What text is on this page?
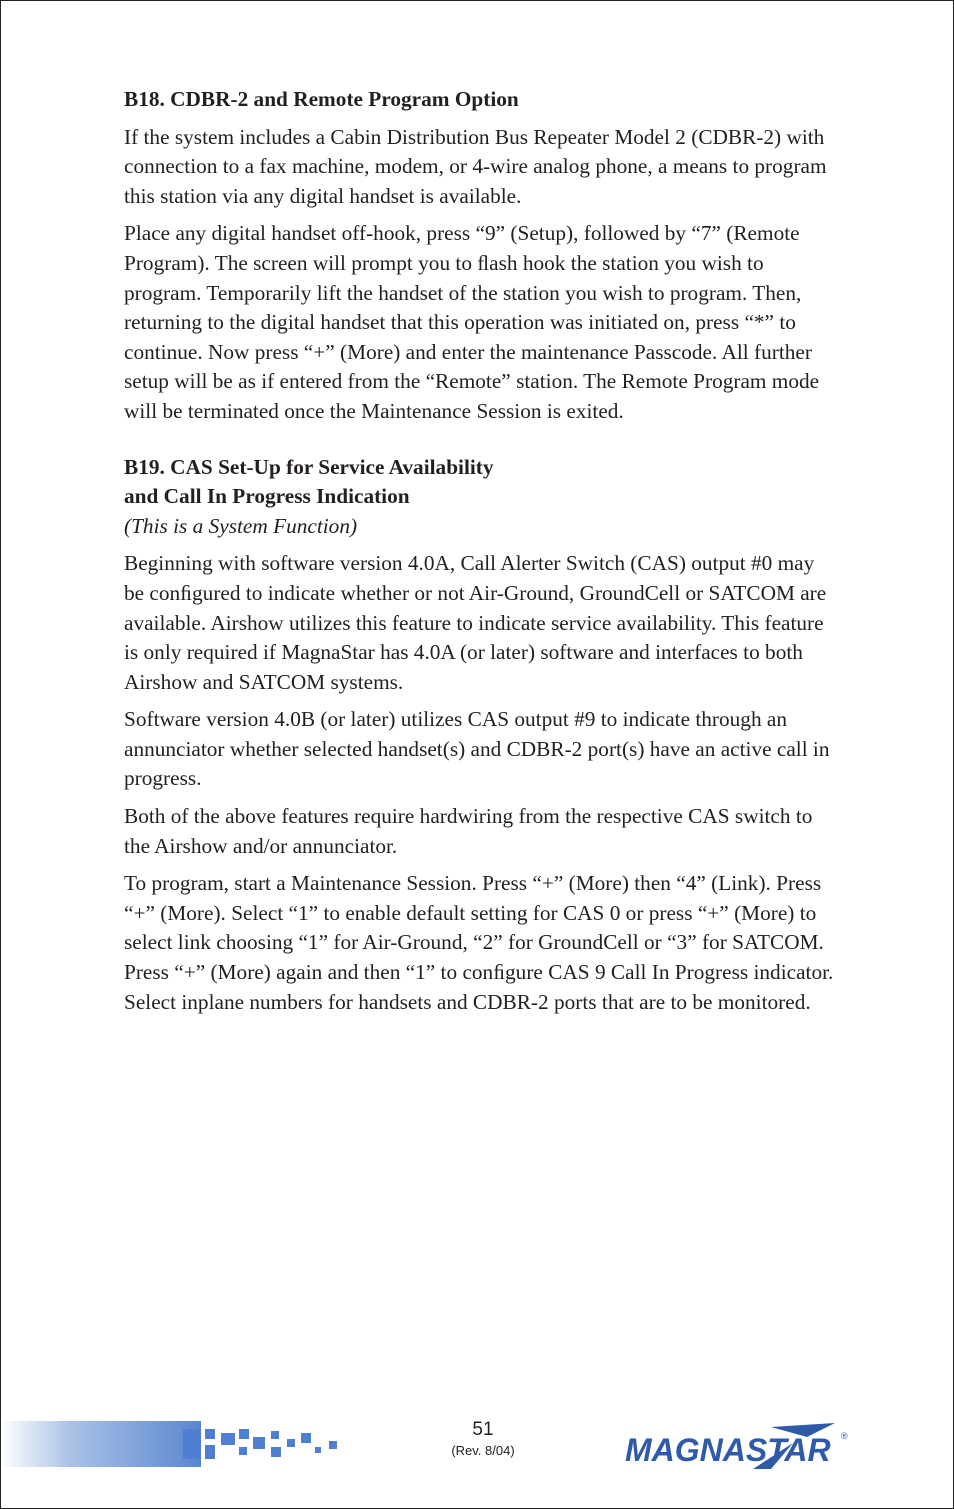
B18. CDBR-2 and Remote Program Option

If the system includes a Cabin Distribution Bus Repeater Model 2 (CDBR-2) with connection to a fax machine, modem, or 4-wire analog phone, a means to program this station via any digital handset is available.

Place any digital handset off-hook, press “9” (Setup), followed by “7” (Remote Program). The screen will prompt you to ﬂash hook the station you wish to program. Temporarily lift the handset of the station you wish to program. Then, returning to the digital handset that this operation was initiated on, press “*” to continue. Now press “+” (More) and enter the maintenance Passcode. All further setup will be as if entered from the “Remote” station. The Remote Program mode will be terminated once the Maintenance Session is exited.

B19. CAS Set-Up for Service Availability
and Call In Progress Indication
(This is a System Function)

Beginning with software version 4.0A, Call Alerter Switch (CAS) output #0 may be conﬁgured to indicate whether or not Air-Ground, GroundCell or SATCOM are available. Airshow utilizes this feature to indicate service availability. This feature is only required if MagnaStar has 4.0A (or later) software and interfaces to both Airshow and SATCOM systems.

Software version 4.0B (or later) utilizes CAS output #9 to indicate through an annunciator whether selected handset(s) and CDBR-2 port(s) have an active call in progress.

Both of the above features require hardwiring from the respective CAS switch to the Airshow and/or annunciator.

To program, start a Maintenance Session. Press “+” (More) then “4” (Link). Press “+” (More). Select “1” to enable default setting for CAS 0 or press “+” (More) to select link choosing “1” for Air-Ground, “2” for GroundCell or “3” for SATCOM. Press “+” (More) again and then “1” to conﬁgure CAS 9 Call In Progress indicator. Select inplane numbers for handsets and CDBR-2 ports that are to be monitored.

51
(Rev. 8/04)	MAGNASTAR ®
